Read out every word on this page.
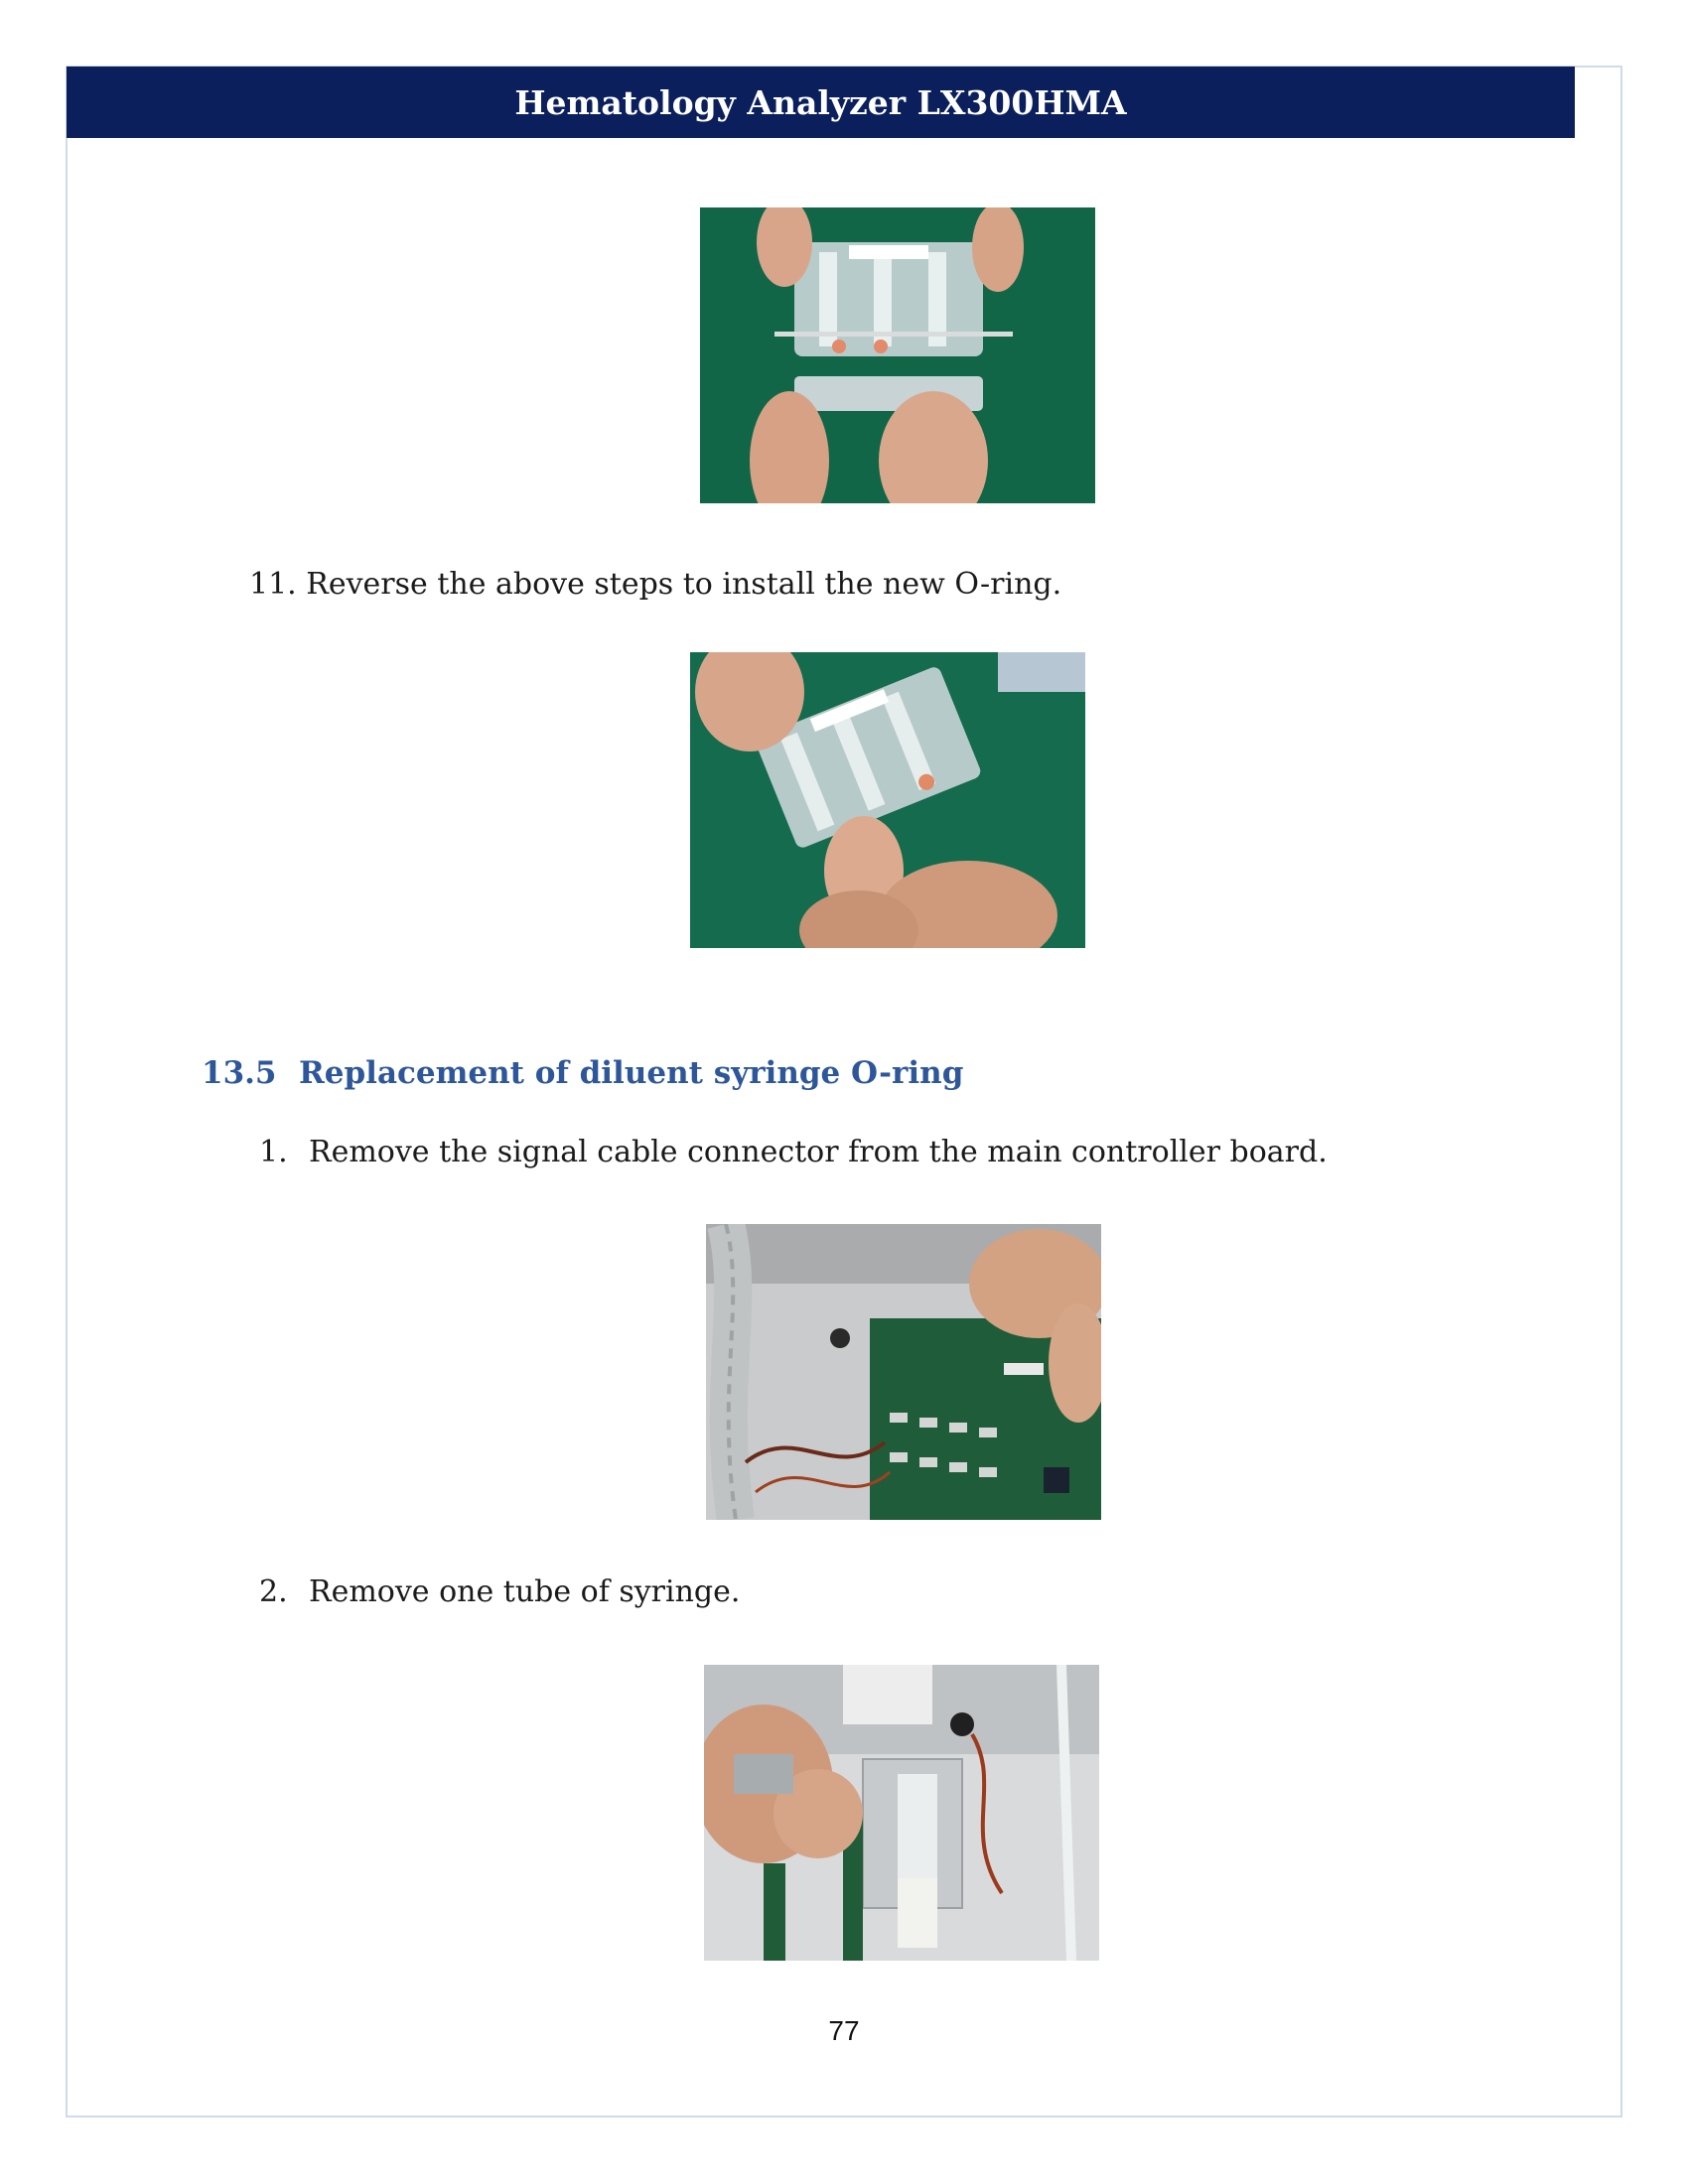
Hematology Analyzer LX300HMA
11. Reverse the above steps to install the new O-ring.
13.5 Replacement of diluent syringe O-ring
1. Remove the signal cable connector from the main controller board.
2. Remove one tube of syringe.
77
